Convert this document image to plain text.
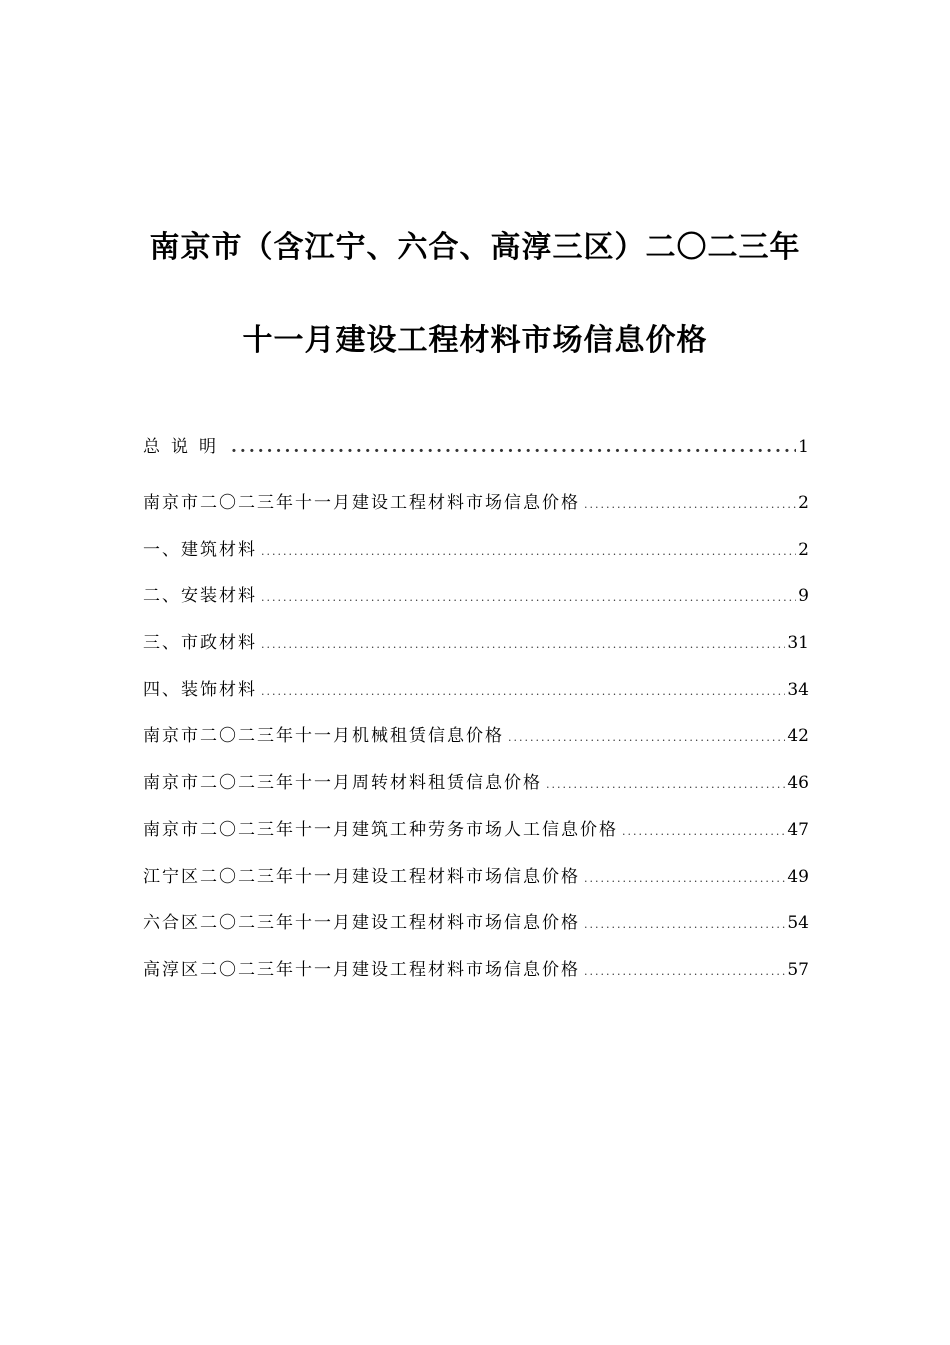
南京市（含江宁、六合、高淳三区）二〇二三年
十一月建设工程材料市场信息价格
总说明 .....	1
南京市二〇二三年十一月建设工程材料市场信息价格 .....	2
一、建筑材料 .....	2
二、安装材料 .....	9
三、市政材料 .....	31
四、装饰材料 .....	34
南京市二〇二三年十一月机械租赁信息价格 .....	42
南京市二〇二三年十一月周转材料租赁信息价格 .....	46
南京市二〇二三年十一月建筑工种劳务市场人工信息价格 .....	47
江宁区二〇二三年十一月建设工程材料市场信息价格 .....	49
六合区二〇二三年十一月建设工程材料市场信息价格 .....	54
高淳区二〇二三年十一月建设工程材料市场信息价格 .....	57
